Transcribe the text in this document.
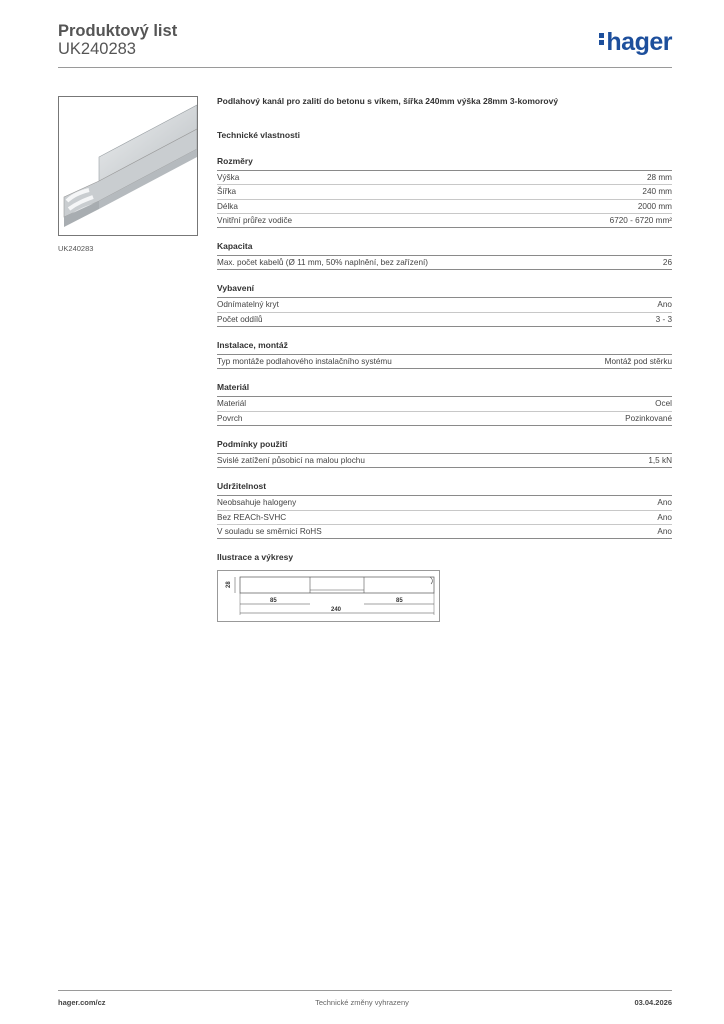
Produktový list
UK240283	hager
UK240283
Podlahový kanál pro zalití do betonu s víkem, šířka 240mm výška 28mm 3-komorový
Technické vlastnosti
Rozměry
Výška	28 mm
Šířka	240 mm
Délka	2000 mm
Vnitřní průřez vodiče	6720 - 6720 mm²
Kapacita
Max. počet kabelů (Ø 11 mm, 50% naplnění, bez zařízení)	26
Vybavení
Odnímatelný kryt	Ano
Počet oddílů	3 - 3
Instalace, montáž
Typ montáže podlahového instalačního systému	Montáž pod stěrku
Materiál
Materiál	Ocel
Povrch	Pozinkované
Podmínky použití
Svislé zatížení působicí na malou plochu	1,5 kN
Udržitelnost
Neobsahuje halogeny	Ano
Bez REACh-SVHC	Ano
V souladu se směrnicí RoHS	Ano
Ilustrace a výkresy
28
85	85
240
hager.com/cz	Technické změny vyhrazeny	03.04.2026
